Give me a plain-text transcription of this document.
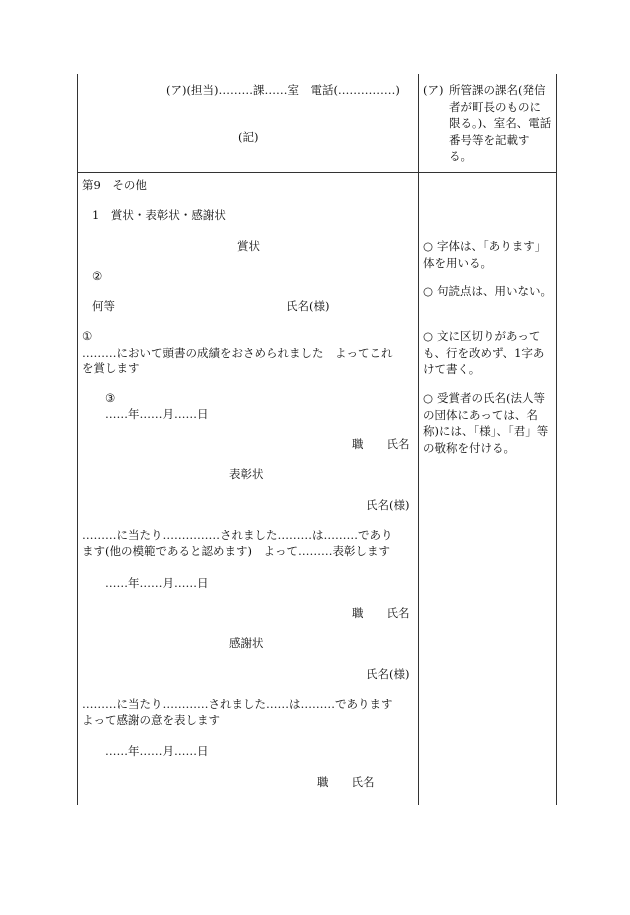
(ア)(担当)………課……室　電話(……………)
(記)
(ア) 所管課の課名(発信者が町長のものに限る。)、室名、電話番号等を記載する。
第9　その他
1　賞状・表彰状・感謝状
賞状
②
何等	氏名(様)
①
………において頭書の成績をおさめられました　よってこれ
を賞します
③
……年……月……日
職　　氏名
表彰状
氏名(様)
………に当たり……………されました………は………であり
ます(他の模範であると認めます)　よって………表彰します
……年……月……日
職　　氏名
感謝状
氏名(様)
………に当たり…………されました……は………であります
よって感謝の意を表します
……年……月……日
職　　氏名
○ 字体は、「あります」体を用いる。
○ 句読点は、用いない。
○ 文に区切りがあっても、行を改めず、1字あけて書く。
○ 受賞者の氏名(法人等の団体にあっては、名称)には、「様」、「君」等の敬称を付ける。
